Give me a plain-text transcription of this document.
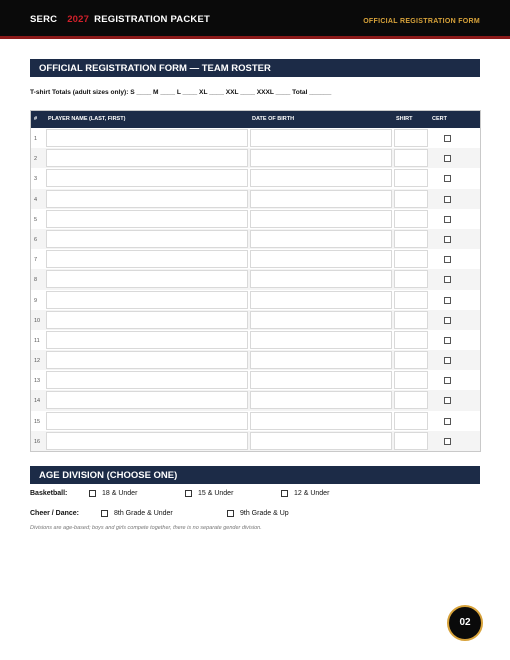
SERC 2027 REGISTRATION PACKET	OFFICIAL REGISTRATION FORM
OFFICIAL REGISTRATION FORM — TEAM ROSTER
T-shirt Totals (adult sizes only): S ____ M ____ L ____ XL ____ XXL ____ XXXL ____ Total ______
# PLAYER NAME (LAST, FIRST)	DATE OF BIRTH	SHIRT	CERT
1
2
3
4
5
6
7
8
9
10
11
12
13
14
15
16
AGE DIVISION (CHOOSE ONE)
Basketball:	18 & Under	15 & Under	12 & Under
Cheer / Dance:	8th Grade & Under	9th Grade & Up
Divisions are age-based; boys and girls compete together, there is no separate gender division.
02
